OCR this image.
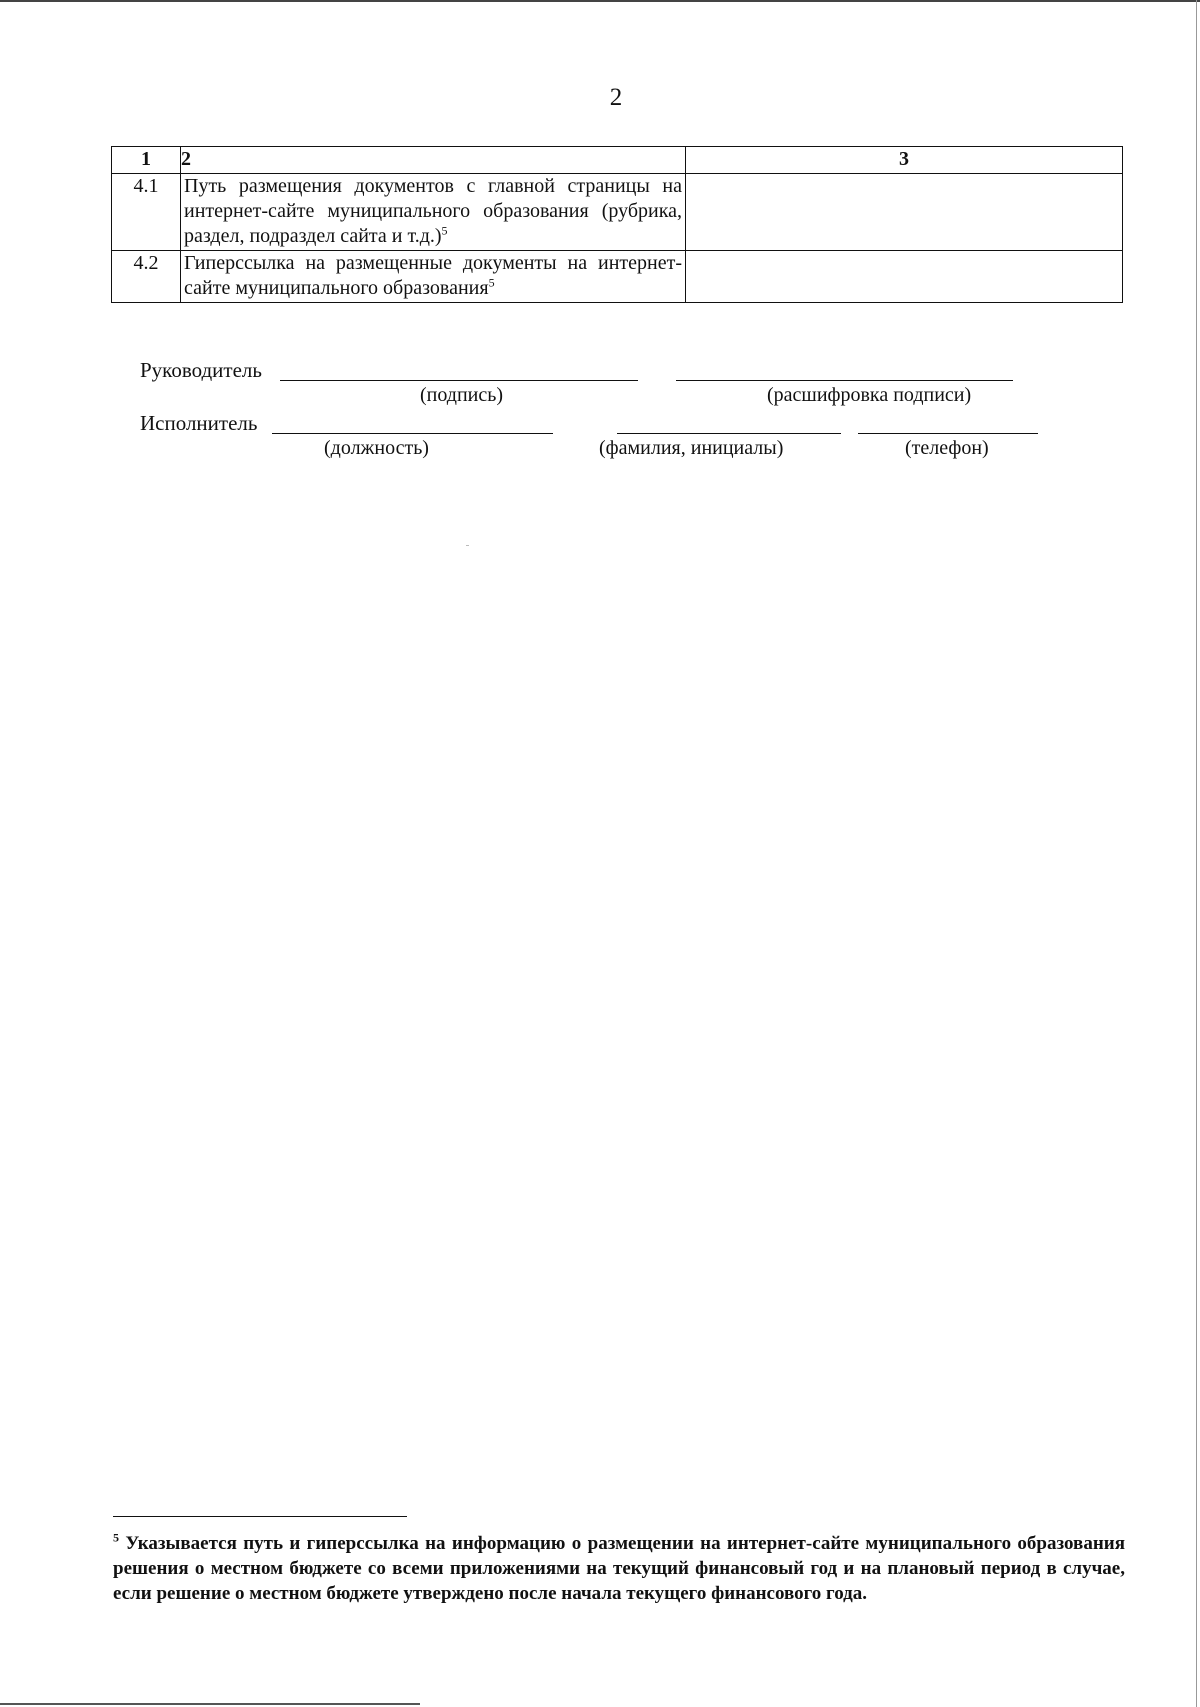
2
1	2	3
4.1	Путь размещения документов с главной страницы на интернет-сайте муниципального образования (рубрика, раздел, подраздел сайта и т.д.)$^5$	
4.2	Гиперссылка на размещенные документы на интернет-сайте муниципального образования$^5$	
Руководитель
(подпись)	(расшифровка подписи)
Исполнитель
(должность)	(фамилия, инициалы)	(телефон)
$^5$ Указывается путь и гиперссылка на информацию о размещении на интернет-сайте муниципального образования решения о местном бюджете со всеми приложениями на текущий финансовый год и на плановый период в случае, если решение о местном бюджете утверждено после начала текущего финансового года.
